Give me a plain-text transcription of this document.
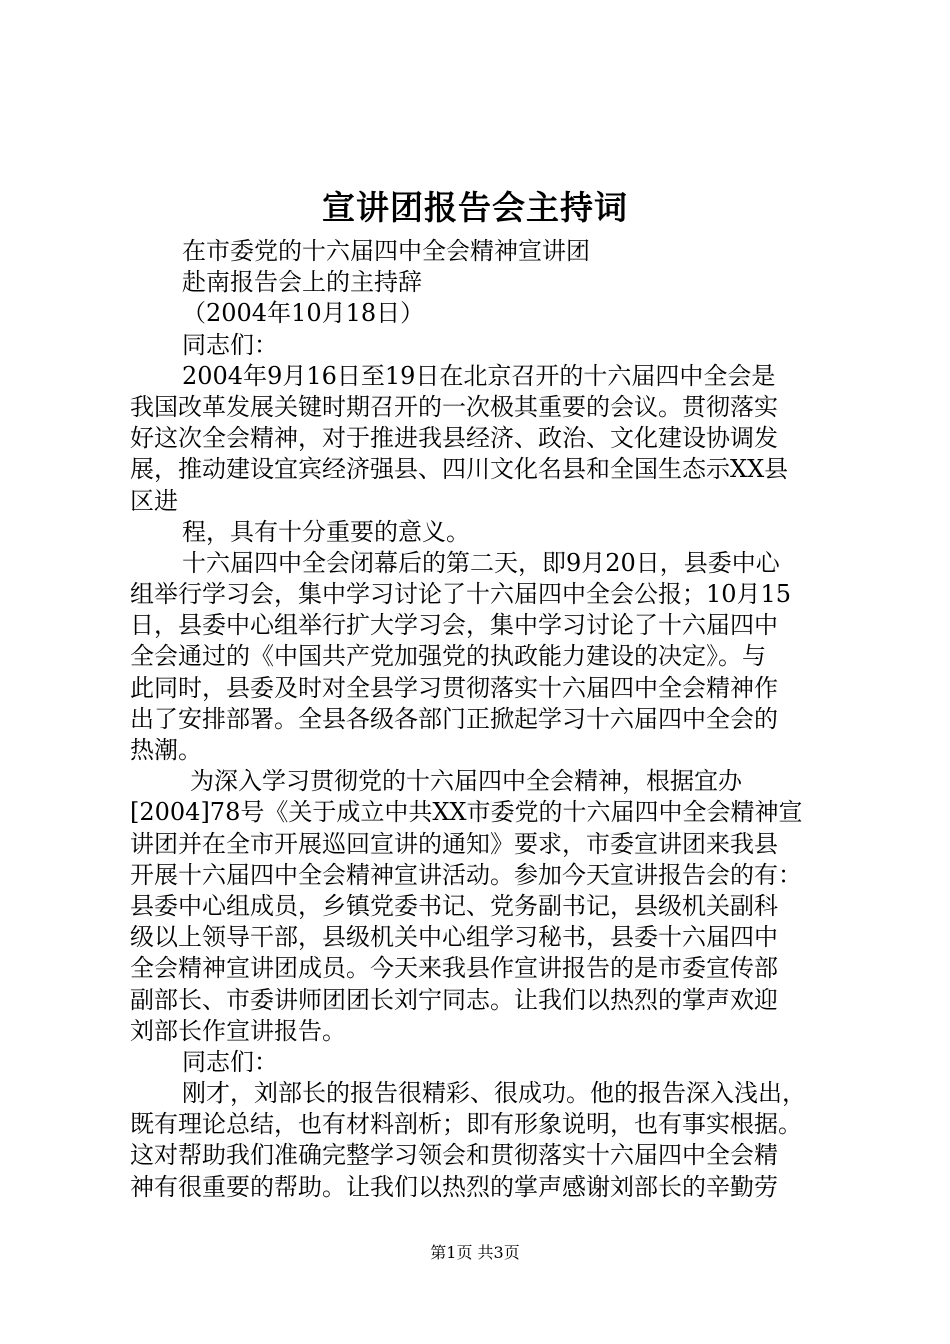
宣讲团报告会主持词
在市委党的十六届四中全会精神宣讲团
赴南报告会上的主持辞
（2004年10月18日）
同志们：
2004年9月16日至19日在北京召开的十六届四中全会是
我国改革发展关键时期召开的一次极其重要的会议。贯彻落实
好这次全会精神，对于推进我县经济、政治、文化建设协调发
展，推动建设宜宾经济强县、四川文化名县和全国生态示XX县
区进
程，具有十分重要的意义。
十六届四中全会闭幕后的第二天，即9月20日，县委中心
组举行学习会，集中学习讨论了十六届四中全会公报；10月15
日，县委中心组举行扩大学习会，集中学习讨论了十六届四中
全会通过的《中国共产党加强党的执政能力建设的决定》。与
此同时，县委及时对全县学习贯彻落实十六届四中全会精神作
出了安排部署。全县各级各部门正掀起学习十六届四中全会的
热潮。
为深入学习贯彻党的十六届四中全会精神，根据宜办
[2004]78号《关于成立中共XX市委党的十六届四中全会精神宣
讲团并在全市开展巡回宣讲的通知》要求，市委宣讲团来我县
开展十六届四中全会精神宣讲活动。参加今天宣讲报告会的有：
县委中心组成员，乡镇党委书记、党务副书记，县级机关副科
级以上领导干部，县级机关中心组学习秘书，县委十六届四中
全会精神宣讲团成员。今天来我县作宣讲报告的是市委宣传部
副部长、市委讲师团团长刘宁同志。让我们以热烈的掌声欢迎
刘部长作宣讲报告。
同志们：
刚才，刘部长的报告很精彩、很成功。他的报告深入浅出，
既有理论总结，也有材料剖析；即有形象说明，也有事实根据。
这对帮助我们准确完整学习领会和贯彻落实十六届四中全会精
神有很重要的帮助。让我们以热烈的掌声感谢刘部长的辛勤劳
第1页 共3页
